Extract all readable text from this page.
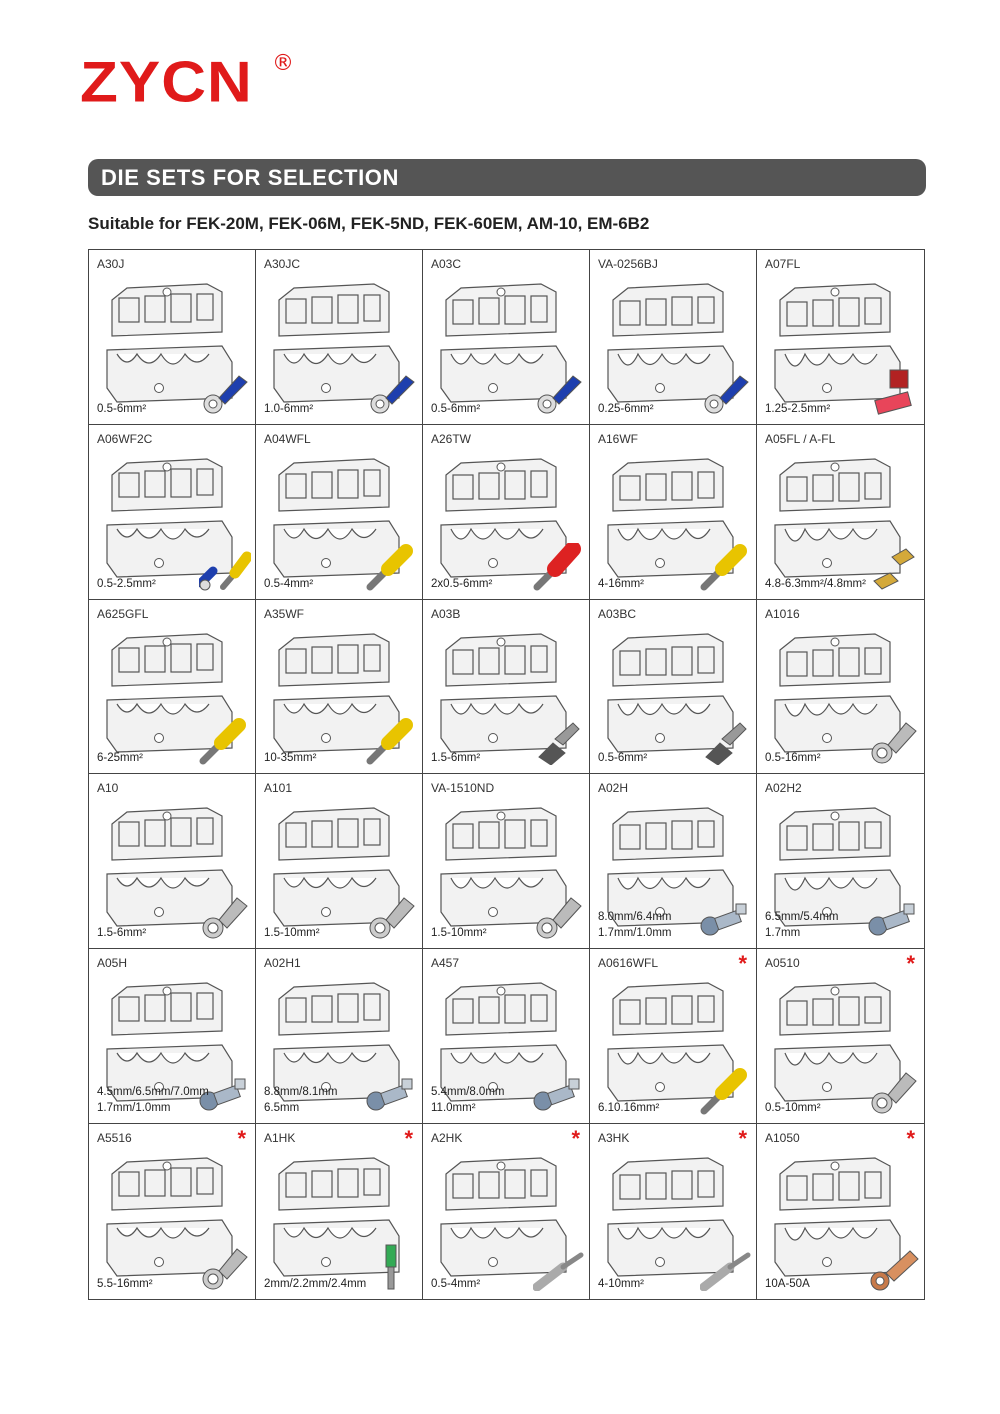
ZYCN ®
DIE SETS FOR SELECTION
Suitable for FEK-20M, FEK-06M, FEK-5ND, FEK-60EM, AM-10, EM-6B2
A30J
0.5-6mm²
A30JC
1.0-6mm²
A03C
0.5-6mm²
VA-0256BJ
0.25-6mm²
A07FL
1.25-2.5mm²
A06WF2C
0.5-2.5mm²
A04WFL
0.5-4mm²
A26TW
2x0.5-6mm²
A16WF
4-16mm²
A05FL / A-FL
4.8-6.3mm²/4.8mm²
A625GFL
6-25mm²
A35WF
10-35mm²
A03B
1.5-6mm²
A03BC
0.5-6mm²
A1016
0.5-16mm²
A10
1.5-6mm²
A101
1.5-10mm²
VA-1510ND
1.5-10mm²
A02H
8.0mm/6.4mm
1.7mm/1.0mm
A02H2
6.5mm/5.4mm
1.7mm
A05H
4.5mm/6.5mm/7.0mm
1.7mm/1.0mm
A02H1
8.8mm/8.1mm
6.5mm
A457
5.4mm/8.0mm
11.0mm²
A0616WFL	*
6.10.16mm²
A0510	*
0.5-10mm²
A5516	*
5.5-16mm²
A1HK	*
2mm/2.2mm/2.4mm
A2HK	*
0.5-4mm²
A3HK	*
4-10mm²
A1050	*
10A-50A
